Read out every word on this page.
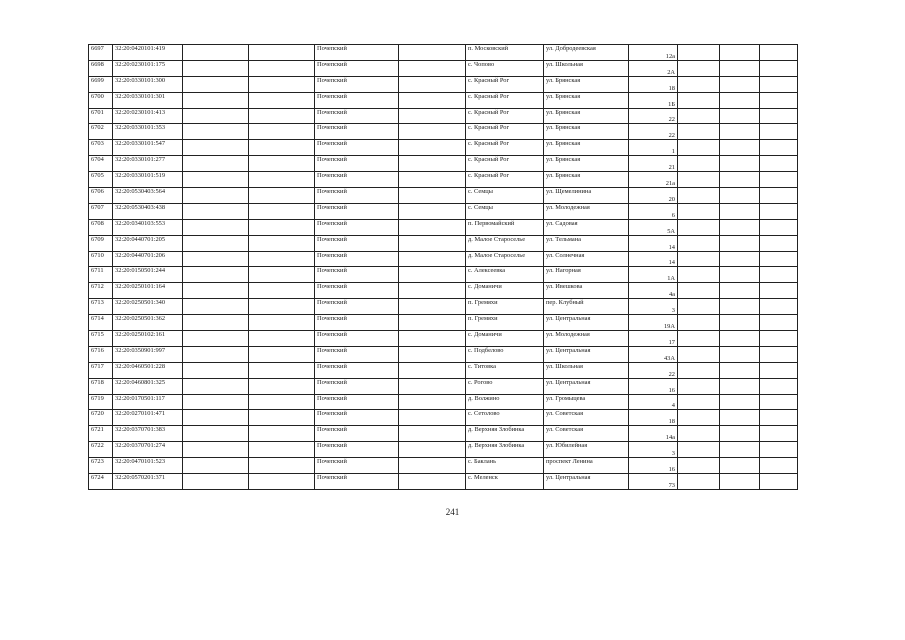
6697	32:20:0420101:419			Почепский		п. Московский	ул. Добродеевская	12а			
6698	32:20:0230101:175			Почепский		с. Чопово	ул. Школьная	2А			
6699	32:20:0330101:300			Почепский		с. Красный Рог	ул. Брянская	18			
6700	32:20:0330101:301			Почепский		с. Красный Рог	ул. Брянская	1Б			
6701	32:20:0230101:413			Почепский		с. Красный Рог	ул. Брянская	22			
6702	32:20:0330101:353			Почепский		с. Красный Рог	ул. Брянская	22			
6703	32:20:0330101:547			Почепский		с. Красный Рог	ул. Брянская	1			
6704	32:20:0330101:277			Почепский		с. Красный Рог	ул. Брянская	21			
6705	32:20:0330101:519			Почепский		с. Красный Рог	ул. Брянская	21а			
6706	32:20:0530403:564			Почепский		с. Семцы	ул. Щемелинина	20			
6707	32:20:0530403:438			Почепский		с. Семцы	ул. Молодежная	6			
6708	32:20:0340103:553			Почепский		п. Первомайский	ул. Садовая	5А			
6709	32:20:0440701:205			Почепский		д. Малое Староселье	ул. Тельмана	14			
6710	32:20:0440701:206			Почепский		д. Малое Староселье	ул. Солнечная	14			
6711	32:20:0150501:244			Почепский		с. Алексеевка	ул. Нагорная	1А			
6712	32:20:0250101:164			Почепский		с. Доманичи	ул. Ивешкова	4а			
6713	32:20:0250501:340			Почепский		п. Гремяхи	пер. Клубный	3			
6714	32:20:0250501:362			Почепский		п. Гремяхи	ул. Центральная	19А			
6715	32:20:0250102:161			Почепский		с. Доманичи	ул. Молодежная	17			
6716	32:20:0350901:997			Почепский		с. Подбелово	ул. Центральная	43А			
6717	32:20:0460501:228			Почепский		с. Титовка	ул. Школьная	22			
6718	32:20:0460801:325			Почепский		с. Рогово	ул. Центральная	16			
6719	32:20:0170501:117			Почепский		д. Волжино	ул. Громыцева	4			
6720	32:20:0270101:471			Почепский		с. Сетолово	ул. Советская	18			
6721	32:20:0370701:383			Почепский		д. Верхняя Злобинка	ул. Советская	14а			
6722	32:20:0370701:274			Почепский		д. Верхняя Злобинка	ул. Юбилейная	3			
6723	32:20:0470101:523			Почепский		с. Баклань	проспект Ленина	16			
6724	32:20:0570201:371			Почепский		с. Меленск	ул. Центральная	73			
241
